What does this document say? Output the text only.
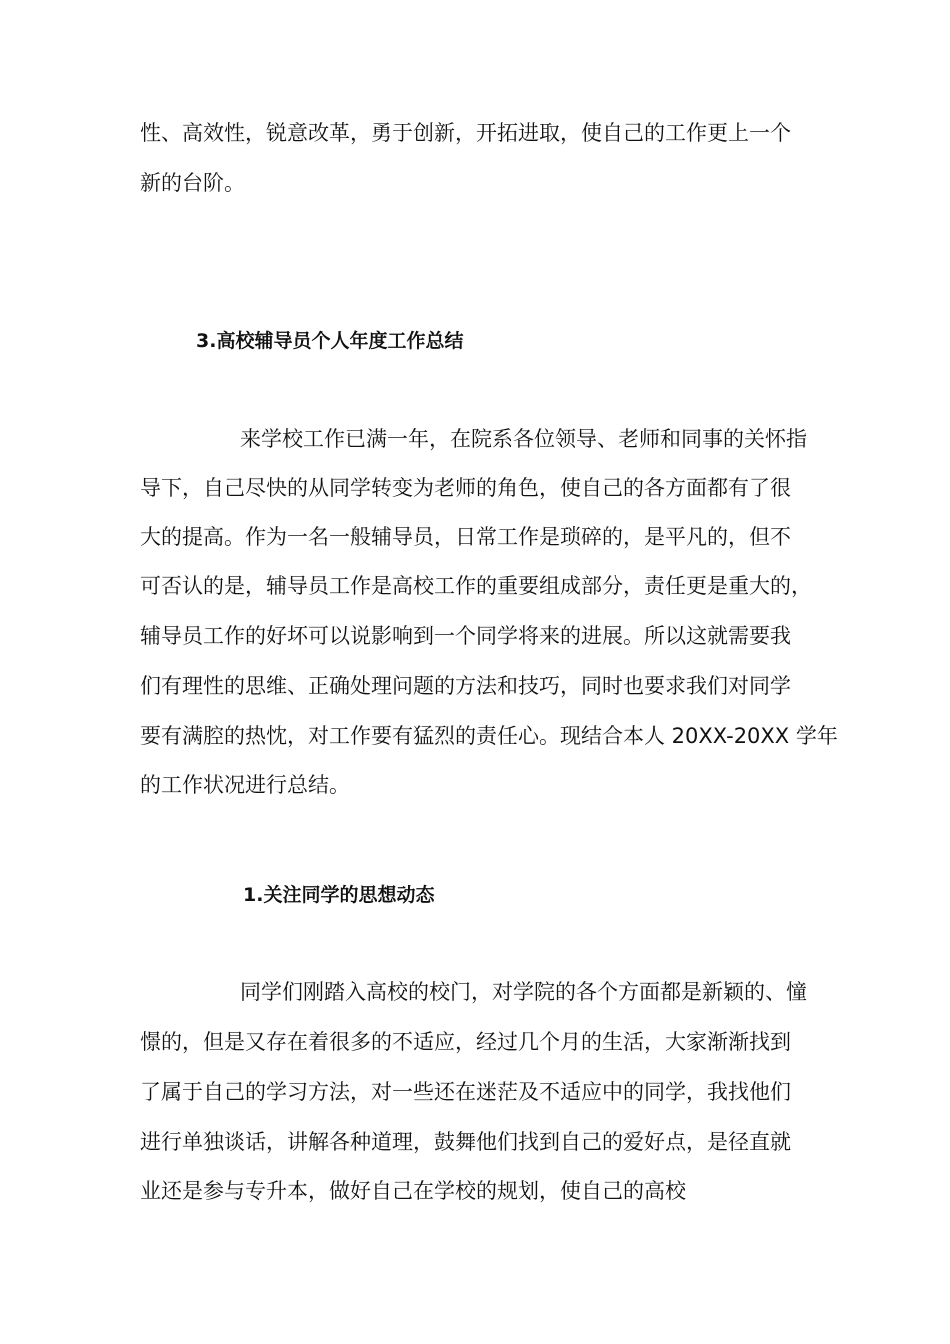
性、高效性，锐意改革，勇于创新，开拓进取，使自己的工作更上一个
新的台阶。
3.高校辅导员个人年度工作总结
来学校工作已满一年，在院系各位领导、老师和同事的关怀指
导下，自己尽快的从同学转变为老师的角色，使自己的各方面都有了很
大的提高。作为一名一般辅导员，日常工作是琐碎的，是平凡的，但不
可否认的是，辅导员工作是高校工作的重要组成部分，责任更是重大的，
辅导员工作的好坏可以说影响到一个同学将来的进展。所以这就需要我
们有理性的思维、正确处理问题的方法和技巧，同时也要求我们对同学
要有满腔的热忱，对工作要有猛烈的责任心。现结合本人 20XX-20XX 学年
的工作状况进行总结。
1.关注同学的思想动态
同学们刚踏入高校的校门，对学院的各个方面都是新颖的、憧
憬的，但是又存在着很多的不适应，经过几个月的生活，大家渐渐找到
了属于自己的学习方法，对一些还在迷茫及不适应中的同学，我找他们
进行单独谈话，讲解各种道理，鼓舞他们找到自己的爱好点，是径直就
业还是参与专升本，做好自己在学校的规划，使自己的高校
